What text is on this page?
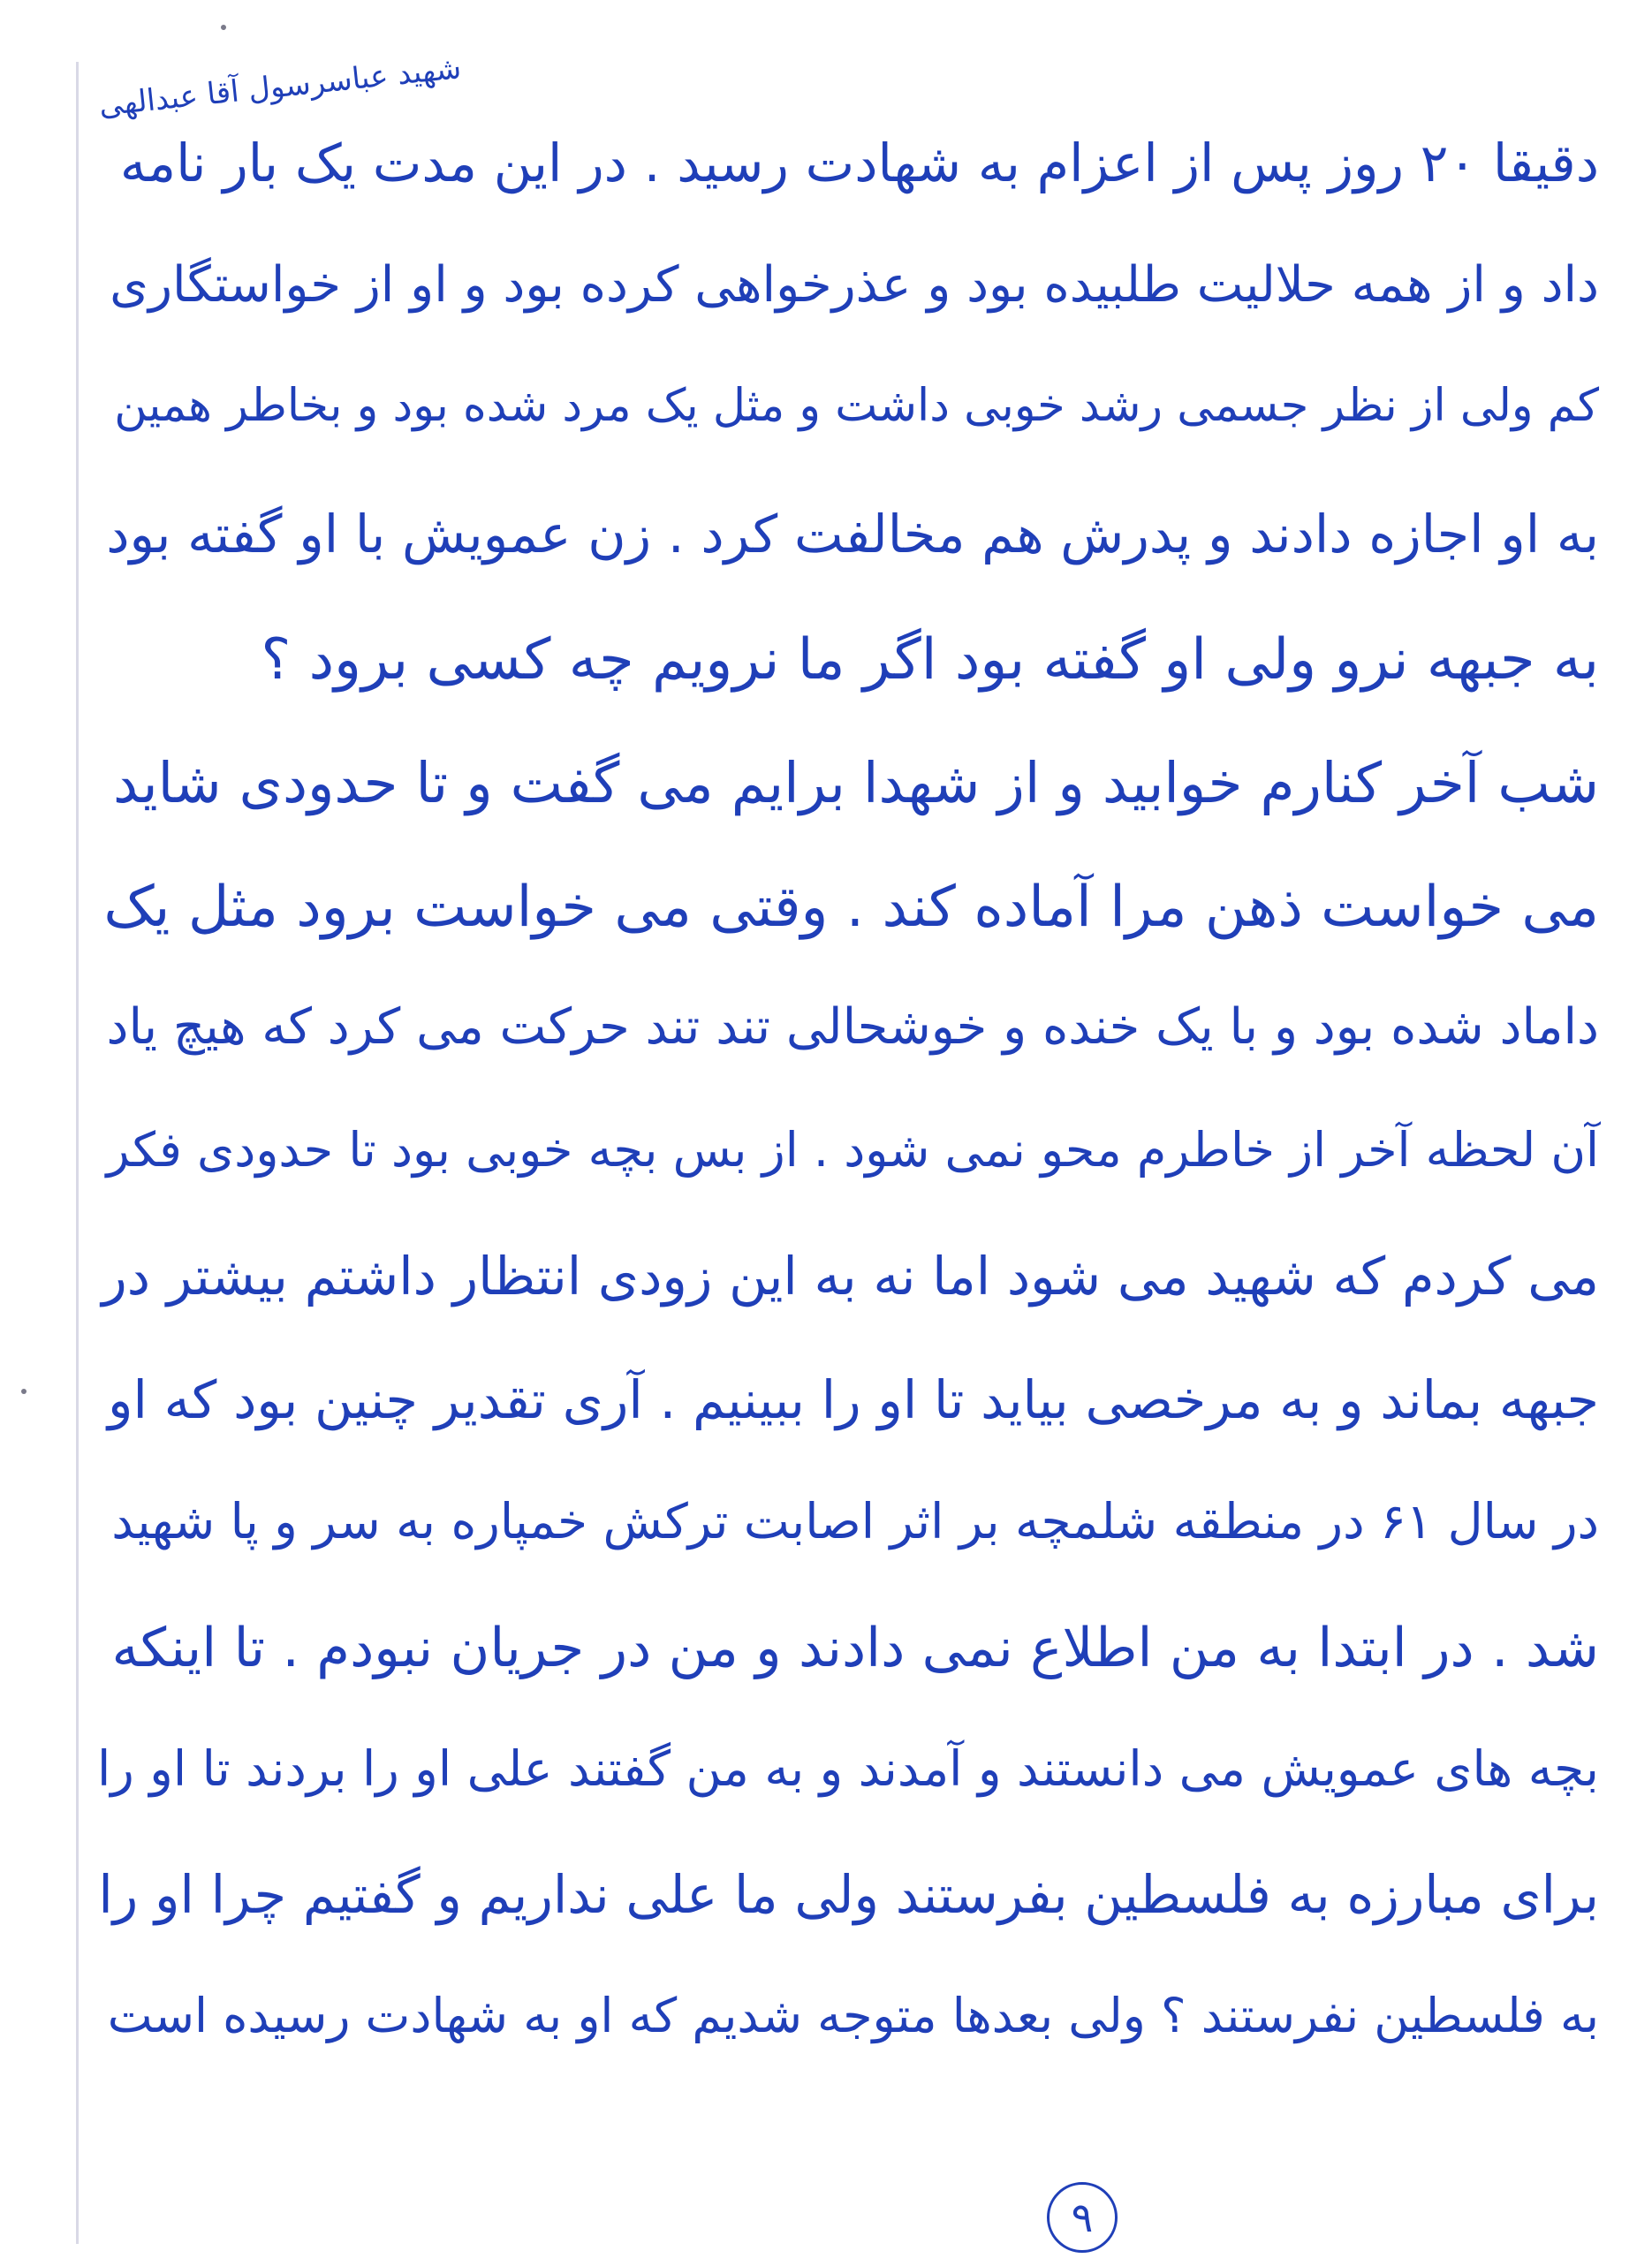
شهید عباسرسول آقا عبدالهی
دقیقا ۲۰ روز پس از اعزام به شهادت رسید . در این مدت یک بار نامه
داد و از همه حلالیت طلبیده بود و عذرخواهی کرده بود و او از خواستگاری
کم ولی از نظر جسمی رشد خوبی داشت و مثل یک مرد شده بود و بخاطر همین
به او اجازه دادند و پدرش هم مخالفت کرد . زن عمویش با او گفته بود
به جبهه نرو ولی او گفته بود اگر ما نرویم چه کسی برود ؟
شب آخر کنارم خوابید و از شهدا برایم می گفت و تا حدودی شاید
می خواست ذهن مرا آماده کند . وقتی می خواست برود مثل یک
داماد شده بود و با یک خنده و خوشحالی تند تند حرکت می کرد که هیچ یاد
آن لحظه آخر از خاطرم محو نمی شود . از بس بچه خوبی بود تا حدودی فکر
می کردم که شهید می شود اما نه به این زودی انتظار داشتم بیشتر در
جبهه بماند و به مرخصی بیاید تا او را ببینیم . آری تقدیر چنین بود که او
در سال ۶۱ در منطقه شلمچه بر اثر اصابت ترکش خمپاره به سر و پا شهید
شد . در ابتدا به من اطلاع نمی دادند و من در جریان نبودم . تا اینکه
بچه های عمویش می دانستند و آمدند و به من گفتند علی او را بردند تا او را
برای مبارزه به فلسطین بفرستند ولی ما علی نداریم و گفتیم چرا او را
به فلسطین نفرستند ؟ ولی بعدها متوجه شدیم که او به شهادت رسیده است
۹
